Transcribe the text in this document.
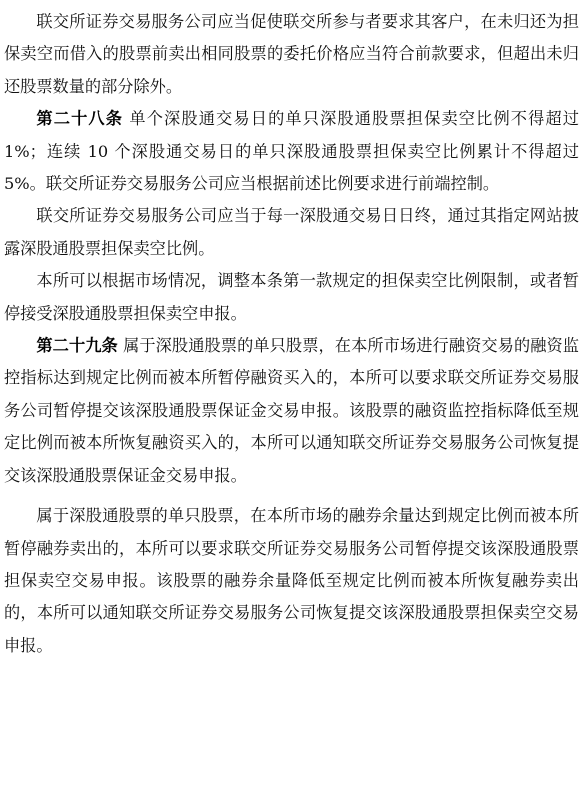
联交所证券交易服务公司应当促使联交所参与者要求其客户，在未归还为担保卖空而借入的股票前卖出相同股票的委托价格应当符合前款要求，但超出未归还股票数量的部分除外。

第二十八条 单个深股通交易日的单只深股通股票担保卖空比例不得超过 1%；连续 10 个深股通交易日的单只深股通股票担保卖空比例累计不得超过 5%。联交所证券交易服务公司应当根据前述比例要求进行前端控制。

联交所证券交易服务公司应当于每一深股通交易日日终，通过其指定网站披露深股通股票担保卖空比例。

本所可以根据市场情况，调整本条第一款规定的担保卖空比例限制，或者暂停接受深股通股票担保卖空申报。

第二十九条 属于深股通股票的单只股票，在本所市场进行融资交易的融资监控指标达到规定比例而被本所暂停融资买入的，本所可以要求联交所证券交易服务公司暂停提交该深股通股票保证金交易申报。该股票的融资监控指标降低至规定比例而被本所恢复融资买入的，本所可以通知联交所证券交易服务公司恢复提交该深股通股票保证金交易申报。

属于深股通股票的单只股票，在本所市场的融券余量达到规定比例而被本所暂停融券卖出的，本所可以要求联交所证券交易服务公司暂停提交该深股通股票担保卖空交易申报。该股票的融券余量降低至规定比例而被本所恢复融券卖出的，本所可以通知联交所证券交易服务公司恢复提交该深股通股票担保卖空交易申报。
